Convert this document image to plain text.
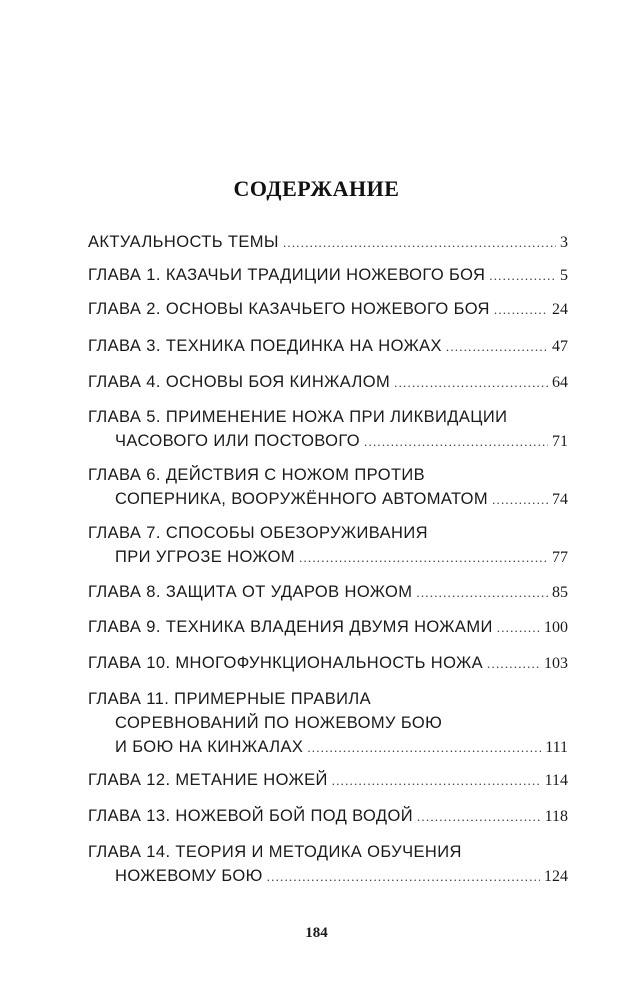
СОДЕРЖАНИЕ
АКТУАЛЬНОСТЬ ТЕМЫ .....	3
ГЛАВА 1. КАЗАЧЬИ ТРАДИЦИИ НОЖЕВОГО БОЯ .....	5
ГЛАВА 2. ОСНОВЫ КАЗАЧЬЕГО НОЖЕВОГО БОЯ .....	24
ГЛАВА 3. ТЕХНИКА ПОЕДИНКА НА НОЖАХ .....	47
ГЛАВА 4. ОСНОВЫ БОЯ КИНЖАЛОМ .....	64
ГЛАВА 5. ПРИМЕНЕНИЕ НОЖА ПРИ ЛИКВИДАЦИИ
ЧАСОВОГО ИЛИ ПОСТОВОГО .....	71
ГЛАВА 6. ДЕЙСТВИЯ С НОЖОМ ПРОТИВ
СОПЕРНИКА, ВООРУЖЁННОГО АВТОМАТОМ .....	74
ГЛАВА 7. СПОСОБЫ ОБЕЗОРУЖИВАНИЯ
ПРИ УГРОЗЕ НОЖОМ .....	77
ГЛАВА 8. ЗАЩИТА ОТ УДАРОВ НОЖОМ .....	85
ГЛАВА 9. ТЕХНИКА ВЛАДЕНИЯ ДВУМЯ НОЖАМИ .....	100
ГЛАВА 10. МНОГОФУНКЦИОНАЛЬНОСТЬ НОЖА .....	103
ГЛАВА 11. ПРИМЕРНЫЕ ПРАВИЛА
СОРЕВНОВАНИЙ ПО НОЖЕВОМУ БОЮ
И БОЮ НА КИНЖАЛАХ .....	111
ГЛАВА 12. МЕТАНИЕ НОЖЕЙ .....	114
ГЛАВА 13. НОЖЕВОЙ БОЙ ПОД ВОДОЙ .....	118
ГЛАВА 14. ТЕОРИЯ И МЕТОДИКА ОБУЧЕНИЯ
НОЖЕВОМУ БОЮ .....	124
184
